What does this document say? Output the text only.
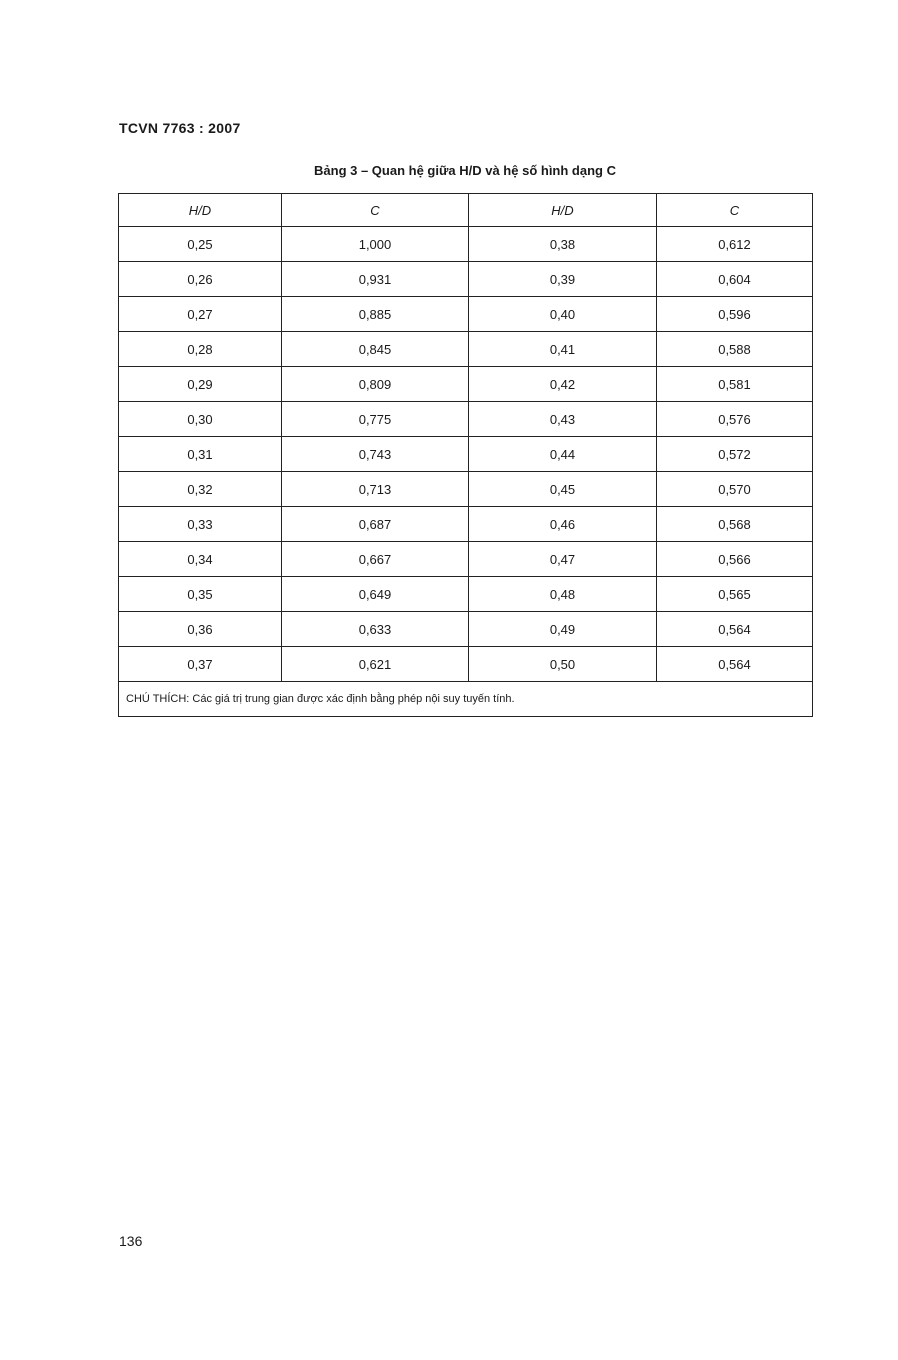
TCVN 7763 : 2007
Bảng 3 – Quan hệ giữa H/D và hệ số hình dạng C
H/D	C	H/D	C
0,25	1,000	0,38	0,612
0,26	0,931	0,39	0,604
0,27	0,885	0,40	0,596
0,28	0,845	0,41	0,588
0,29	0,809	0,42	0,581
0,30	0,775	0,43	0,576
0,31	0,743	0,44	0,572
0,32	0,713	0,45	0,570
0,33	0,687	0,46	0,568
0,34	0,667	0,47	0,566
0,35	0,649	0,48	0,565
0,36	0,633	0,49	0,564
0,37	0,621	0,50	0,564
CHÚ THÍCH: Các giá trị trung gian được xác định bằng phép nội suy tuyến tính.			
136
